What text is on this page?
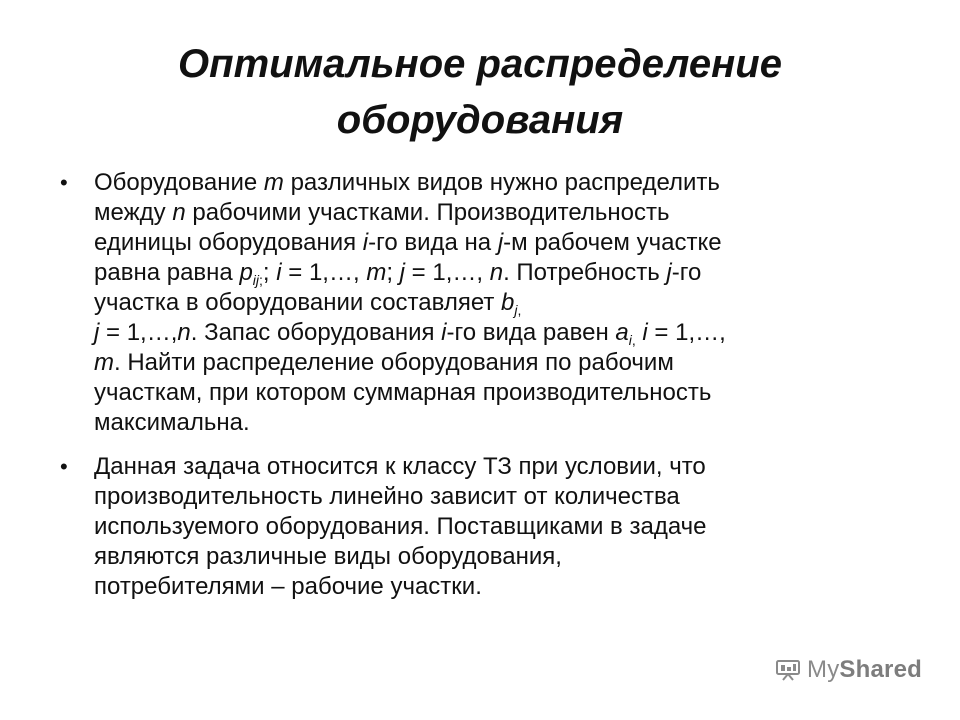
Оптимальное распределение
оборудования
•	Оборудование m различных видов нужно распределить
между n рабочими участками. Производительность
единицы оборудования i-го вида на j-м рабочем участке
равна равна $p_{ij;}$; i = 1,…, m; j = 1,…, n. Потребность j-го
участка в оборудовании составляет $b_{j,}$
j = 1,…,n. Запас оборудования i-го вида равен $a_{i,}$ i = 1,…,
m. Найти распределение оборудования по рабочим
участкам, при котором суммарная производительность
максимальна.
•	Данная задача относится к классу ТЗ при условии, что
производительность линейно зависит от количества
используемого оборудования. Поставщиками в задаче
являются различные виды оборудования,
потребителями – рабочие участки.
MyShared
